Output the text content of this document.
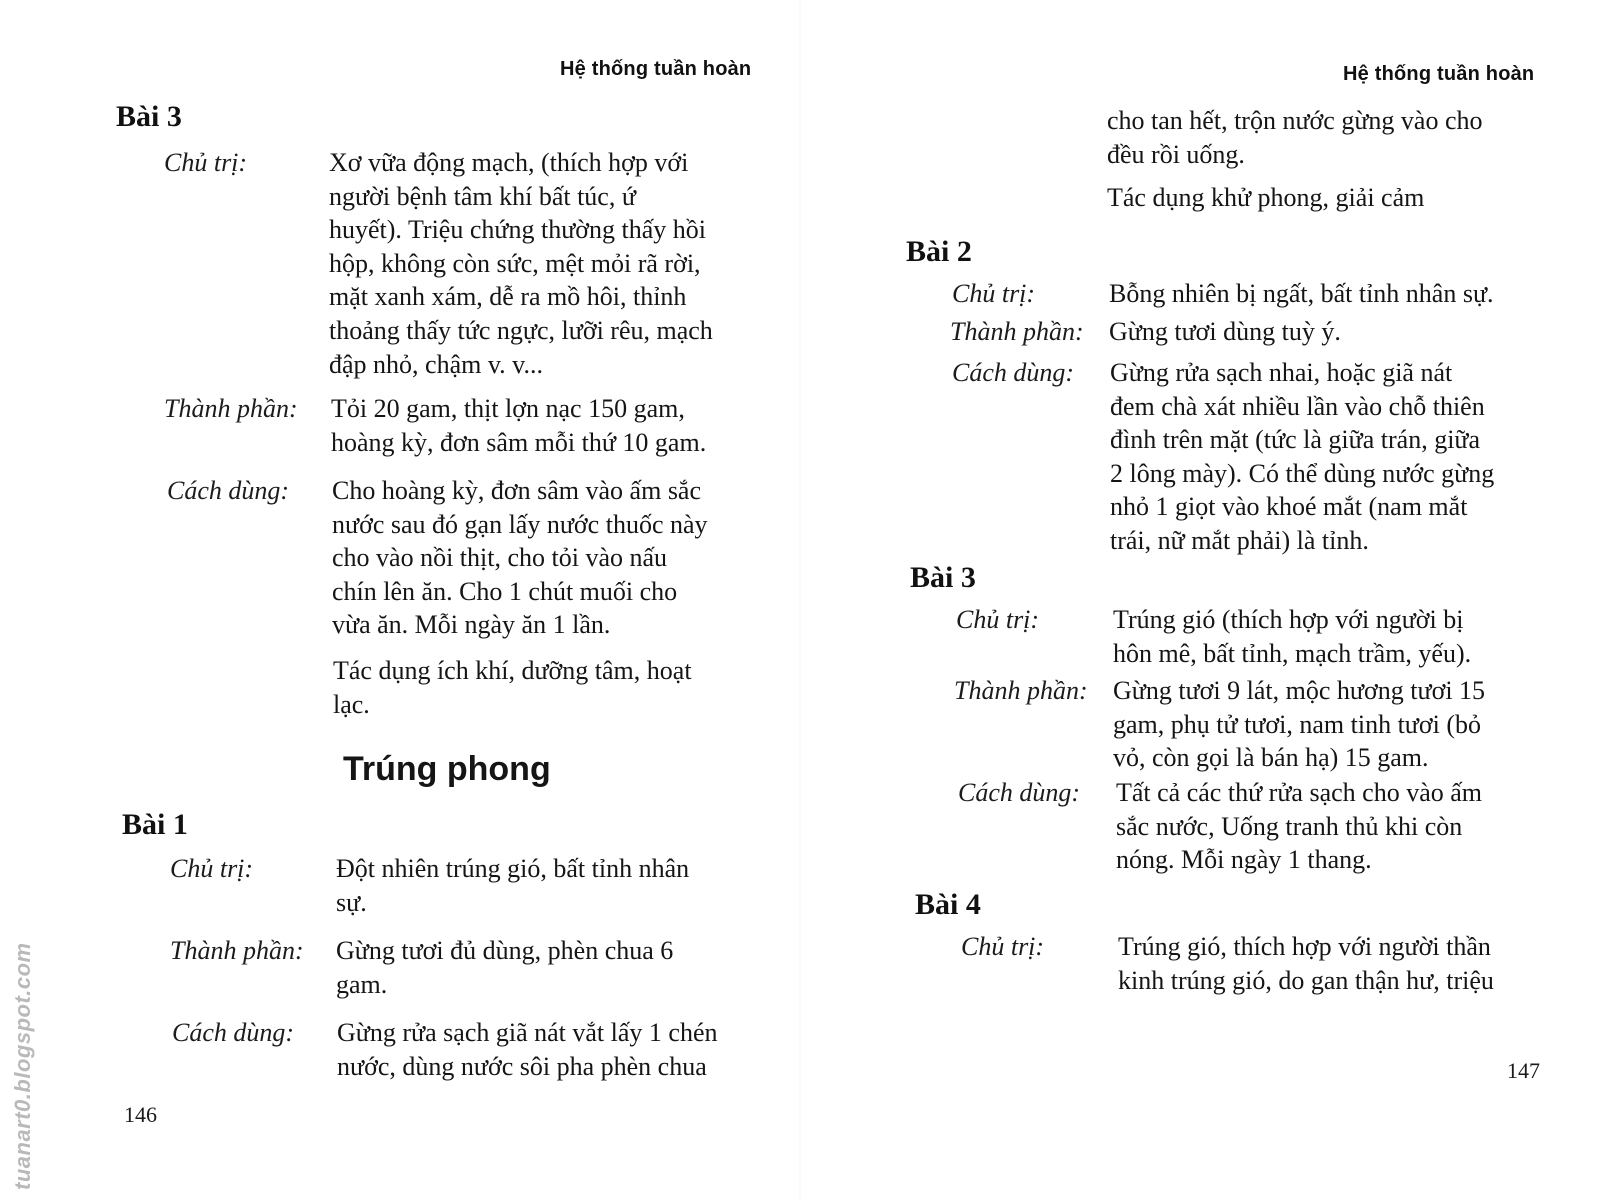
Hệ thống tuần hoàn
Bài 3
Chủ trị:	Xơ vữa động mạch, (thích hợp với
người bệnh tâm khí bất túc, ứ
huyết). Triệu chứng thường thấy hồi
hộp, không còn sức, mệt mỏi rã rời,
mặt xanh xám, dễ ra mồ hôi, thỉnh
thoảng thấy tức ngực, lưỡi rêu, mạch
đập nhỏ, chậm v. v...
Thành phần: Tỏi 20 gam, thịt lợn nạc 150 gam,
hoàng kỳ, đơn sâm mỗi thứ 10 gam.
Cách dùng: Cho hoàng kỳ, đơn sâm vào ấm sắc
nước sau đó gạn lấy nước thuốc này
cho vào nồi thịt, cho tỏi vào nấu
chín lên ăn. Cho 1 chút muối cho
vừa ăn. Mỗi ngày ăn 1 lần.
Tác dụng ích khí, dưỡng tâm, hoạt
lạc.
Trúng phong
Bài 1
Chủ trị:	Đột nhiên trúng gió, bất tỉnh nhân
sự.
Thành phần: Gừng tươi đủ dùng, phèn chua 6
gam.
Cách dùng: Gừng rửa sạch giã nát vắt lấy 1 chén
nước, dùng nước sôi pha phèn chua
146
tuanart0.blogspot.com
Hệ thống tuần hoàn
cho tan hết, trộn nước gừng vào cho
đều rồi uống.
Tác dụng khử phong, giải cảm
Bài 2
Chủ trị:	Bỗng nhiên bị ngất, bất tỉnh nhân sự.
Thành phần: Gừng tươi dùng tuỳ ý.
Cách dùng: Gừng rửa sạch nhai, hoặc giã nát
đem chà xát nhiều lần vào chỗ thiên
đình trên mặt (tức là giữa trán, giữa
2 lông mày). Có thể dùng nước gừng
nhỏ 1 giọt vào khoé mắt (nam mắt
trái, nữ mắt phải) là tỉnh.
Bài 3
Chủ trị:	Trúng gió (thích hợp với người bị
hôn mê, bất tỉnh, mạch trầm, yếu).
Thành phần: Gừng tươi 9 lát, mộc hương tươi 15
gam, phụ tử tươi, nam tinh tươi (bỏ
vỏ, còn gọi là bán hạ) 15 gam.
Cách dùng: Tất cả các thứ rửa sạch cho vào ấm
sắc nước, Uống tranh thủ khi còn
nóng. Mỗi ngày 1 thang.
Bài 4
Chủ trị:	Trúng gió, thích hợp với người thần
kinh trúng gió, do gan thận hư, triệu
147
